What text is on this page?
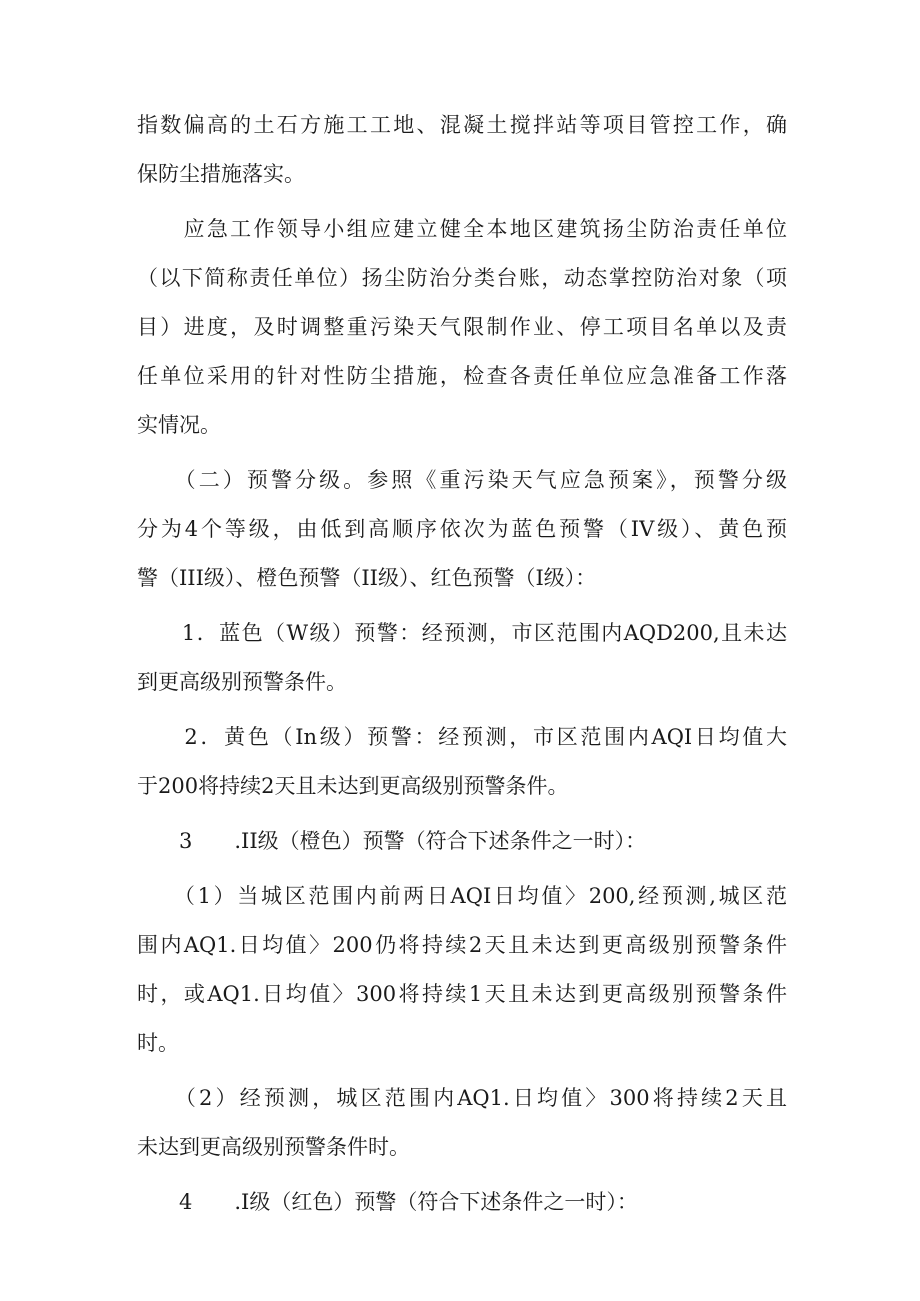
指数偏高的土石方施工工地、混凝土搅拌站等项目管控工作，确
保防尘措施落实。
　　应急工作领导小组应建立健全本地区建筑扬尘防治责任单位
（以下简称责任单位）扬尘防治分类台账，动态掌控防治对象（项
目）进度，及时调整重污染天气限制作业、停工项目名单以及责
任单位采用的针对性防尘措施，检查各责任单位应急准备工作落
实情况。
　　（二）预警分级。参照《重污染天气应急预案》，预警分级
分为4个等级，由低到高顺序依次为蓝色预警（IV级）、黄色预
警（III级）、橙色预警（II级）、红色预警（I级）：
　　1．蓝色（W级）预警：经预测，市区范围内AQD200,且未达
到更高级别预警条件。
　　2．黄色（In级）预警：经预测，市区范围内AQI日均值大
于200将持续2天且未达到更高级别预警条件。
　　3　　.II级（橙色）预警（符合下述条件之一时）：
　　（1）当城区范围内前两日AQI日均值〉200,经预测,城区范
围内AQ1.日均值〉200仍将持续2天且未达到更高级别预警条件
时，或AQ1.日均值〉300将持续1天且未达到更高级别预警条件
时。
　　（2）经预测，城区范围内AQ1.日均值〉300将持续2天且
未达到更高级别预警条件时。
　　4　　.I级（红色）预警（符合下述条件之一时）：
